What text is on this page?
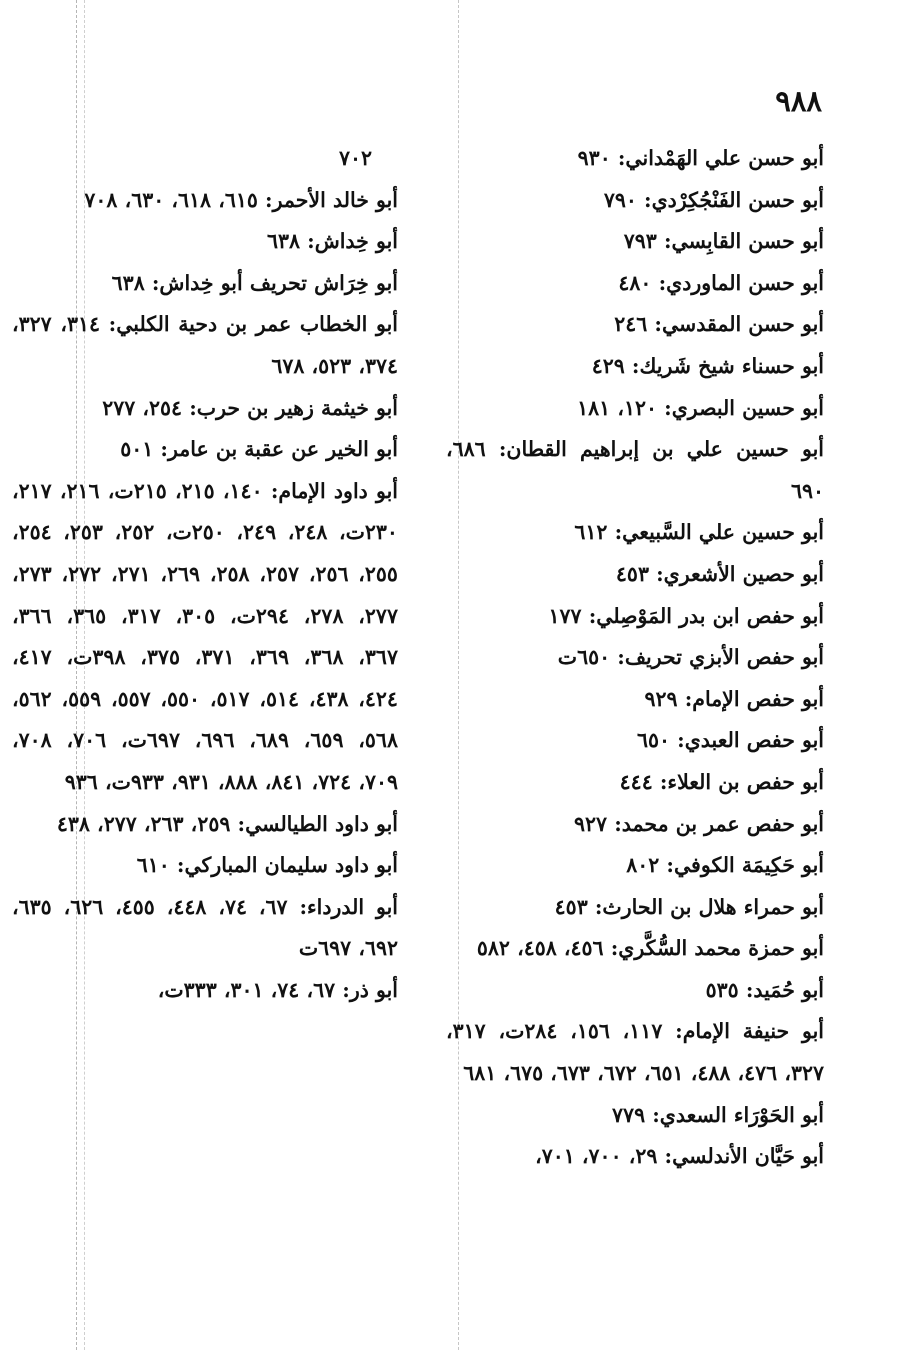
٩٨٨

أبو حسن علي الهَمْداني: ٩٣٠

أبو حسن الفَنْجُكِرْدي: ٧٩٠

أبو حسن القابِسي: ٧٩٣

أبو حسن الماوردي: ٤٨٠

أبو حسن المقدسي: ٢٤٦

أبو حسناء شيخ شَريك: ٤٢٩

أبو حسين البصري: ١٢٠، ١٨١

أبو حسين علي بن إبراهيم القطان: ٦٨٦، ٦٩٠

أبو حسين علي السَّبيعي: ٦١٢

أبو حصين الأشعري: ٤٥٣

أبو حفص ابن بدر المَوْصِلي: ١٧٧

أبو حفص الأبزي تحريف: ٦٥٠ت

أبو حفص الإمام: ٩٢٩

أبو حفص العبدي: ٦٥٠

أبو حفص بن العلاء: ٤٤٤

أبو حفص عمر بن محمد: ٩٢٧

أبو حَكِيمَة الكوفي: ٨٠٢

أبو حمراء هلال بن الحارث: ٤٥٣

أبو حمزة محمد السُّكَّري: ٤٥٦، ٤٥٨، ٥٨٢

أبو حُمَيد: ٥٣٥

أبو حنيفة الإمام: ١١٧، ١٥٦، ٢٨٤ت، ٣١٧، ٣٢٧، ٤٧٦، ٤٨٨، ٦٥١، ٦٧٢، ٦٧٣، ٦٧٥، ٦٨١

أبو الحَوْرَاء السعدي: ٧٧٩

أبو حَيَّان الأندلسي: ٢٩، ٧٠٠، ٧٠١،

٧٠٢

أبو خالد الأحمر: ٦١٥، ٦١٨، ٦٣٠، ٧٠٨

أبو خِداش: ٦٣٨

أبو خِرَاش تحريف أبو خِداش: ٦٣٨

أبو الخطاب عمر بن دحية الكلبي: ٣١٤، ٣٢٧، ٣٧٤، ٥٢٣، ٦٧٨

أبو خيثمة زهير بن حرب: ٢٥٤، ٢٧٧

أبو الخير عن عقبة بن عامر: ٥٠١

أبو داود الإمام: ١٤٠، ٢١٥، ٢١٥ت، ٢١٦، ٢١٧، ٢٣٠ت، ٢٤٨، ٢٤٩، ٢٥٠ت، ٢٥٢، ٢٥٣، ٢٥٤، ٢٥٥، ٢٥٦، ٢٥٧، ٢٥٨، ٢٦٩، ٢٧١، ٢٧٢، ٢٧٣، ٢٧٧، ٢٧٨، ٢٩٤ت، ٣٠٥، ٣١٧، ٣٦٥، ٣٦٦، ٣٦٧، ٣٦٨، ٣٦٩، ٣٧١، ٣٧٥، ٣٩٨ت، ٤١٧، ٤٢٤، ٤٣٨، ٥١٤، ٥١٧، ٥٥٠، ٥٥٧، ٥٥٩، ٥٦٢، ٥٦٨، ٦٥٩، ٦٨٩، ٦٩٦، ٦٩٧ت، ٧٠٦، ٧٠٨، ٧٠٩، ٧٢٤، ٨٤١، ٨٨٨، ٩٣١، ٩٣٣ت، ٩٣٦

أبو داود الطيالسي: ٢٥٩، ٢٦٣، ٢٧٧، ٤٣٨

أبو داود سليمان المباركي: ٦١٠

أبو الدرداء: ٦٧، ٧٤، ٤٤٨، ٤٥٥، ٦٢٦، ٦٣٥، ٦٩٢، ٦٩٧ت

أبو ذر: ٦٧، ٧٤، ٣٠١، ٣٣٣ت،
